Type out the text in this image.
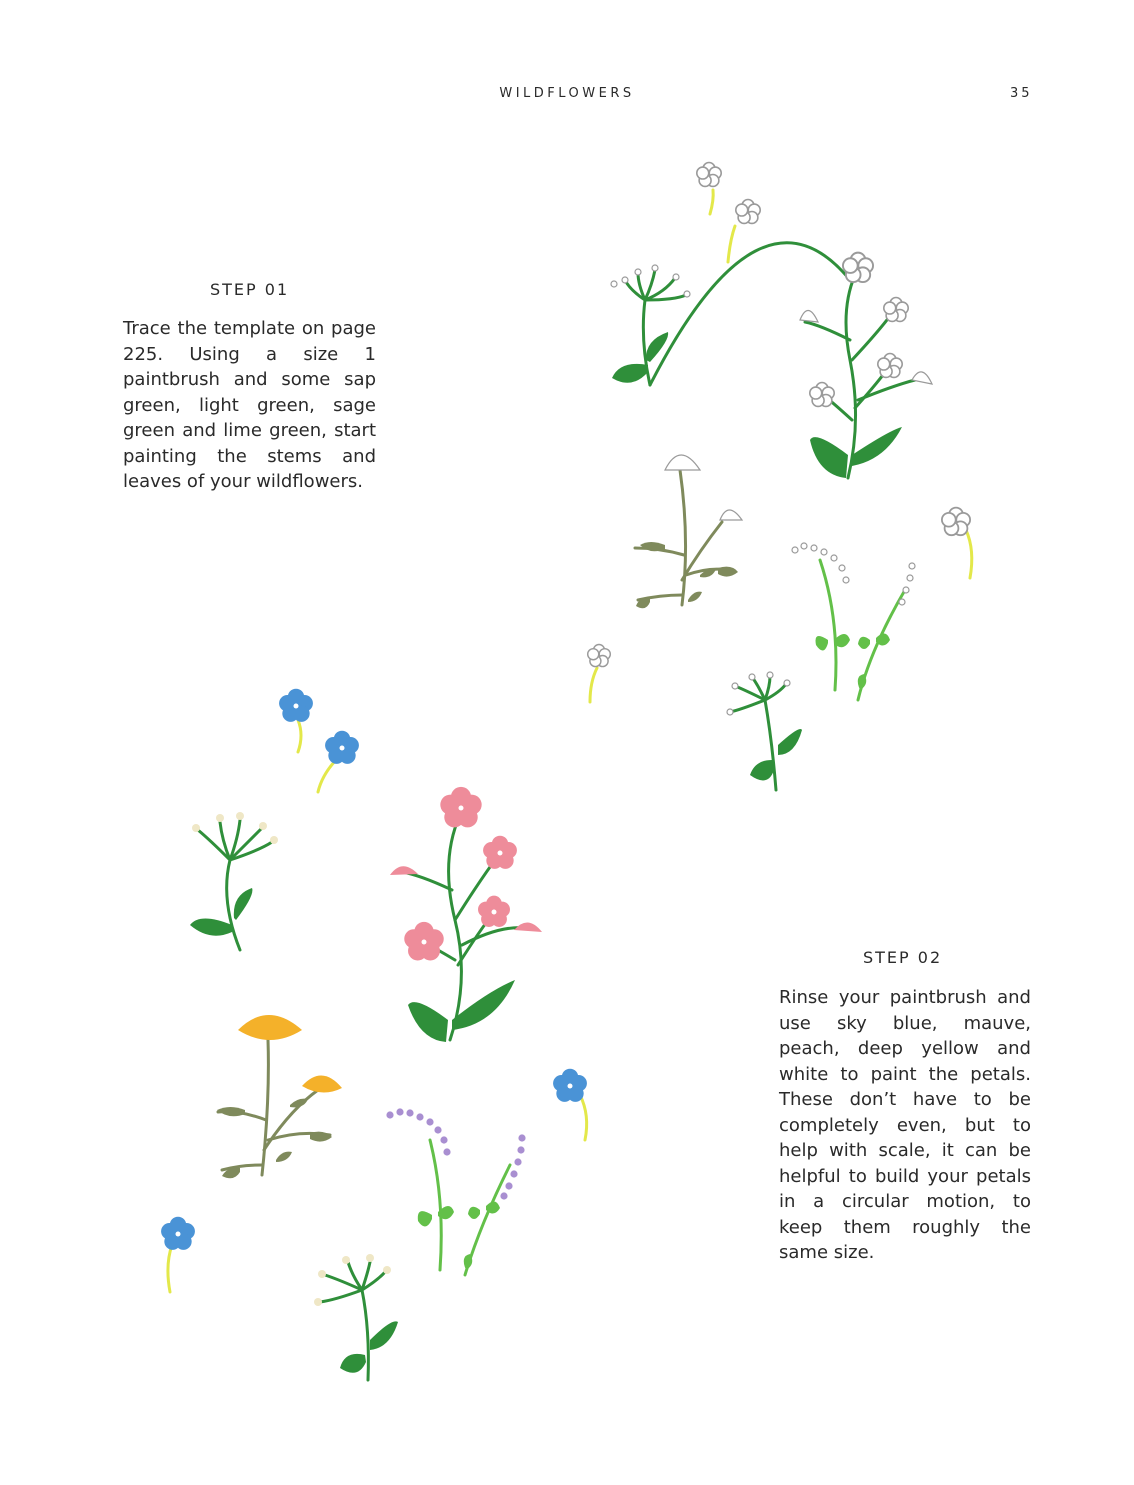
WILDFLOWERS	35
STEP 01

Trace the template on page 225. Using a size 1 paintbrush and some sap green, light green, sage green and lime green, start painting the stems and leaves of your wildflowers.

STEP 02

Rinse your paintbrush and use sky blue, mauve, peach, deep yellow and white to paint the petals. These don’t have to be completely even, but to help with scale, it can be helpful to build your petals in a circular motion, to keep them roughly the same size.
